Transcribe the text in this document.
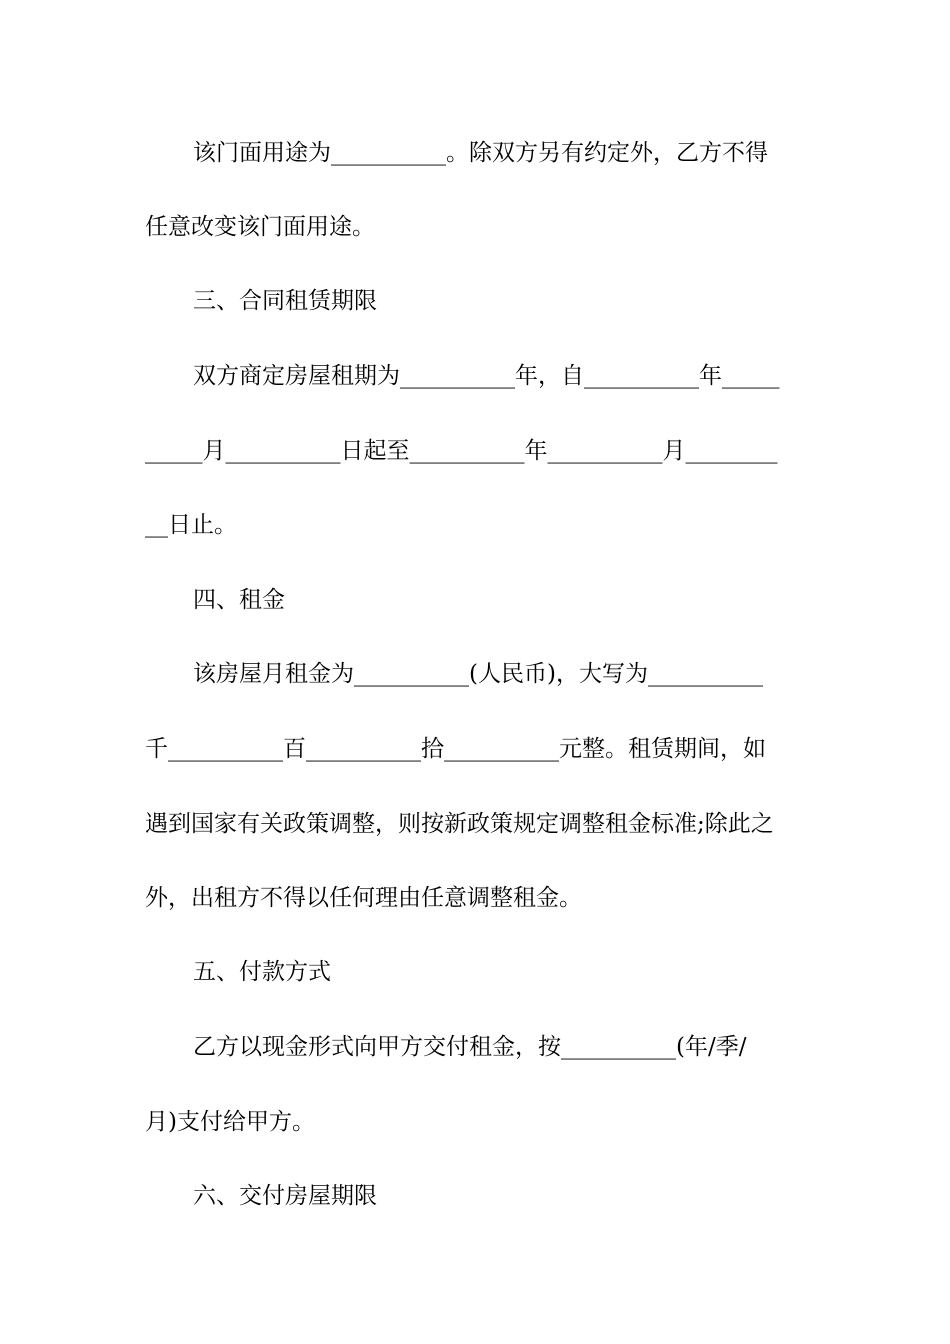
该门面用途为__________。除双方另有约定外，乙方不得
任意改变该门面用途。
三、合同租赁期限
双方商定房屋租期为__________年，自__________年_____
_____月__________日起至__________年__________月________
__日止。
四、租金
该房屋月租金为__________(人民币)，大写为__________
千__________百__________拾__________元整。租赁期间，如
遇到国家有关政策调整，则按新政策规定调整租金标准;除此之
外，出租方不得以任何理由任意调整租金。
五、付款方式
乙方以现金形式向甲方交付租金，按__________(年/季/
月)支付给甲方。
六、交付房屋期限
